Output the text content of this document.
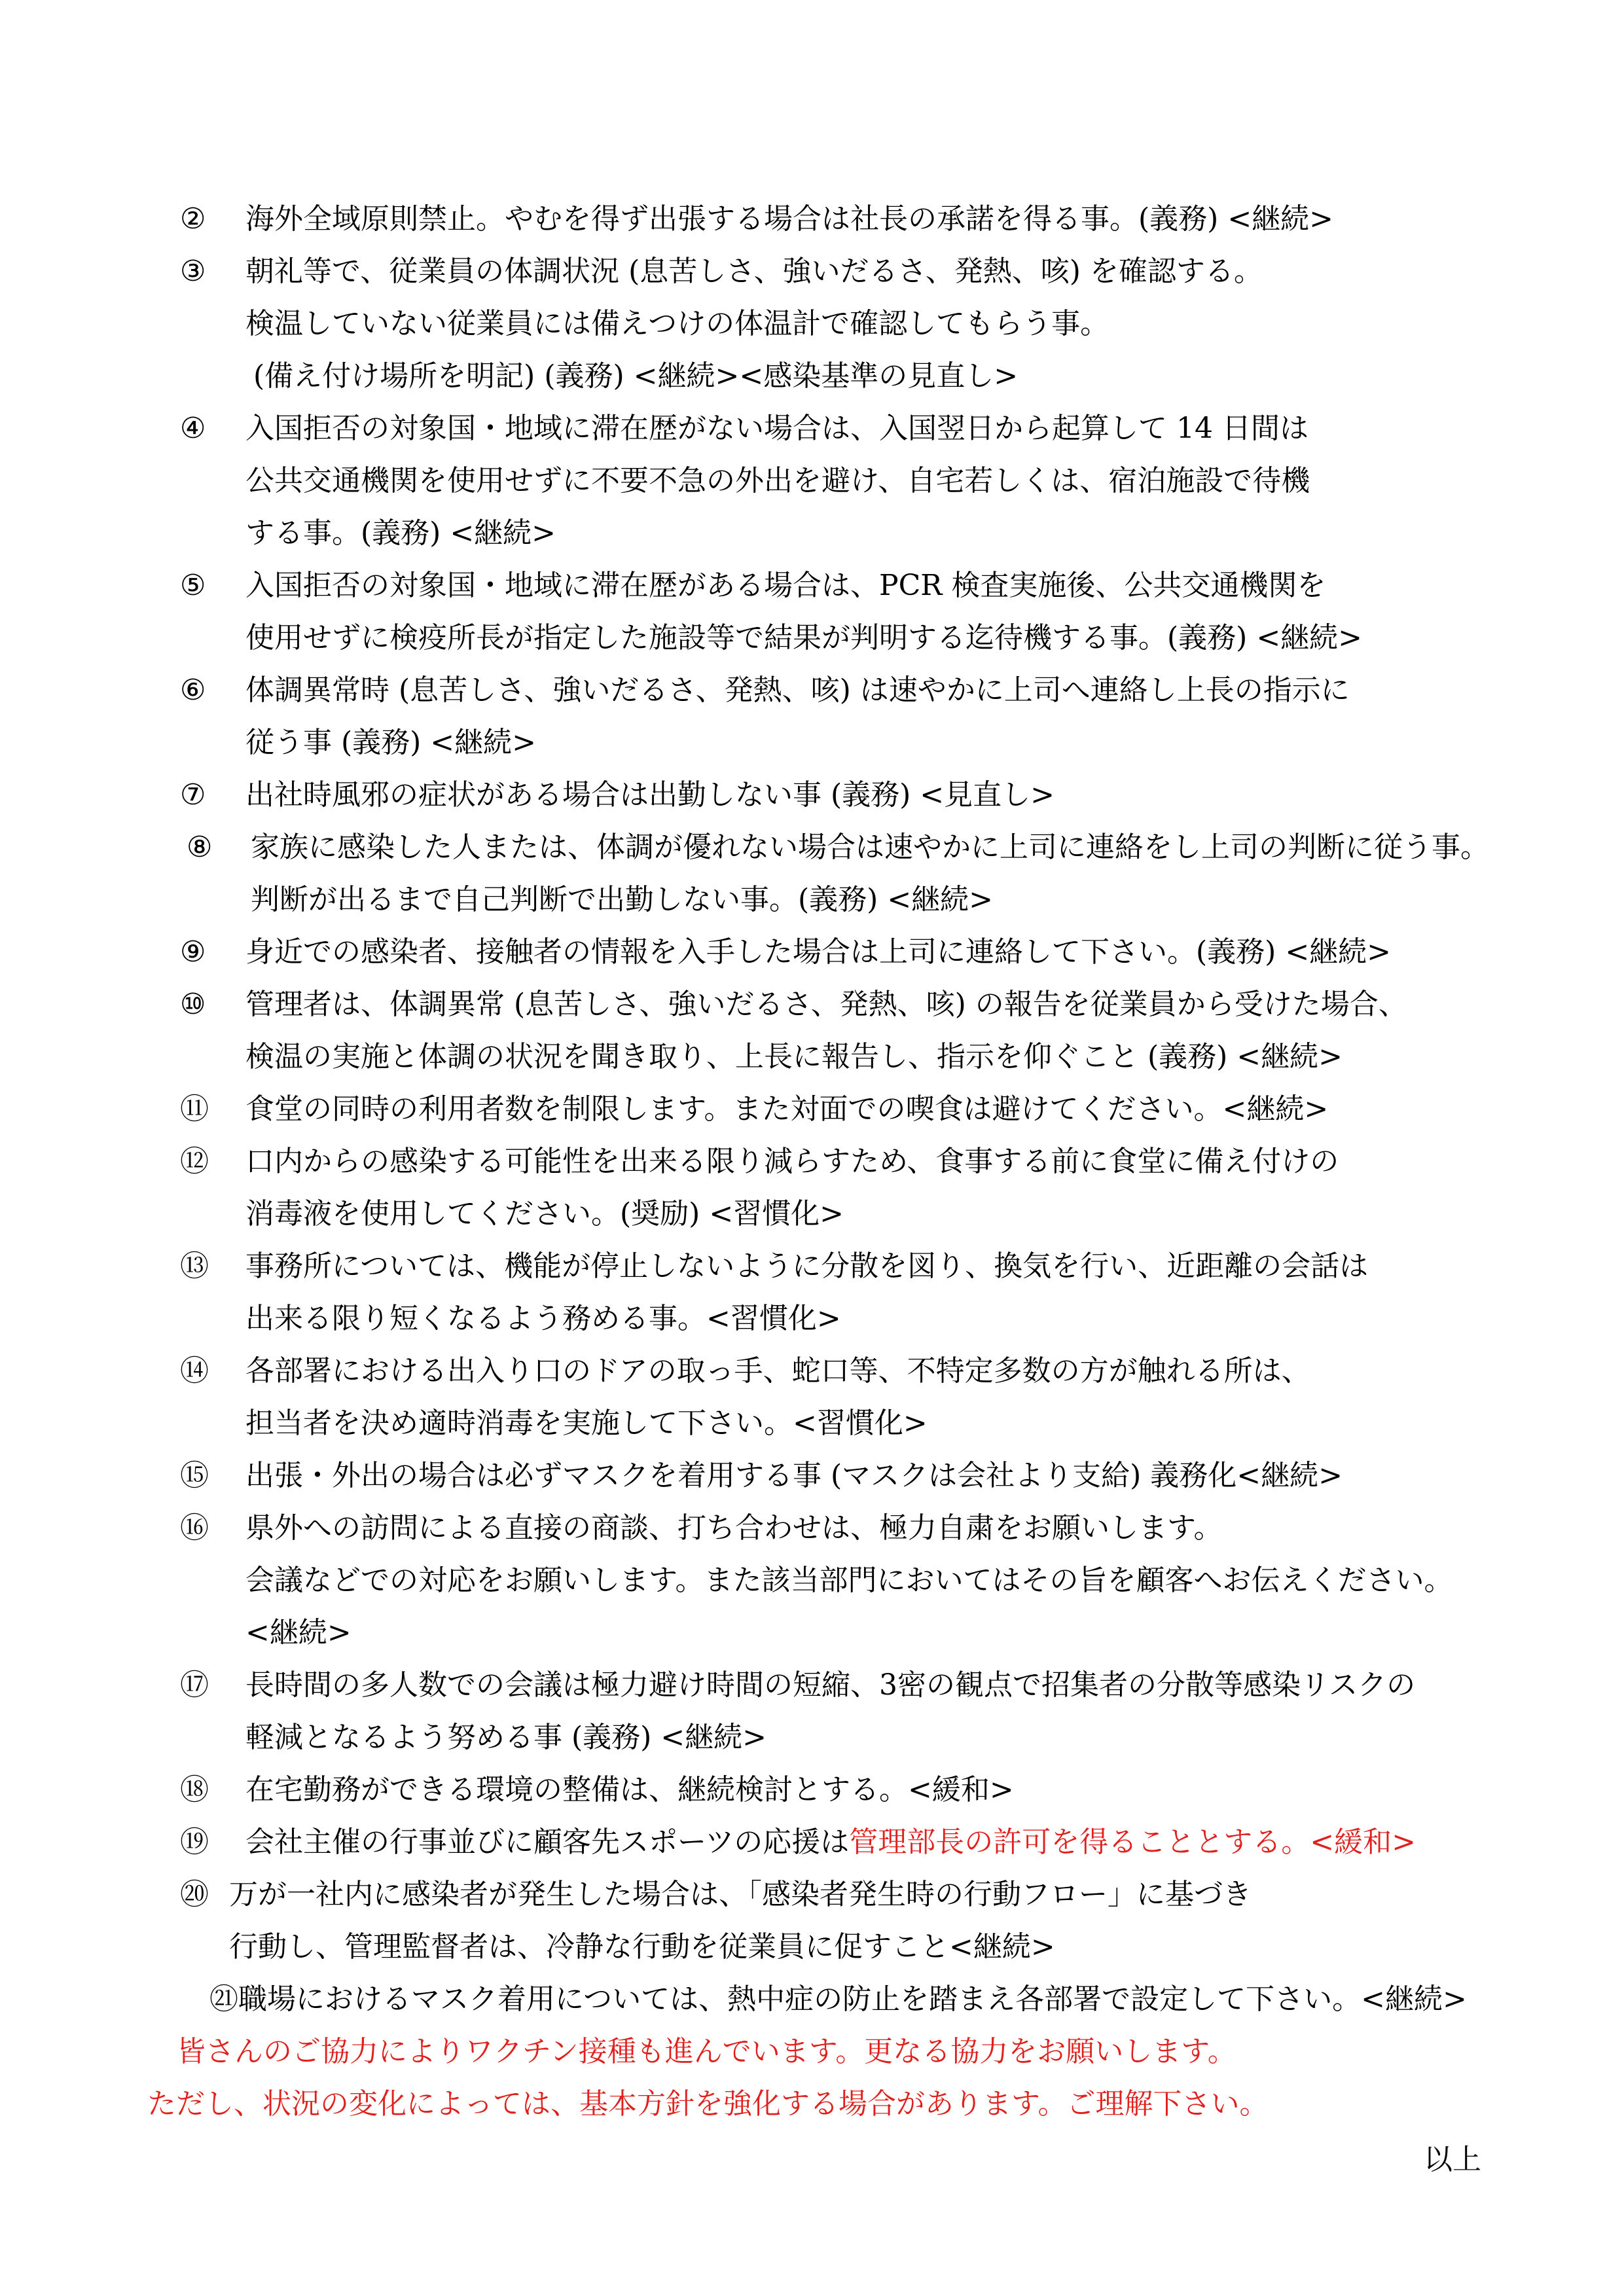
② 海外全域原則禁止。やむを得ず出張する場合は社長の承諾を得る事。(義務) <継続>
③ 朝礼等で、従業員の体調状況 (息苦しさ、強いだるさ、発熱、咳) を確認する。
検温していない従業員には備えつけの体温計で確認してもらう事。
(備え付け場所を明記) (義務) <継続><感染基準の見直し>
④ 入国拒否の対象国・地域に滞在歴がない場合は、入国翌日から起算して 14 日間は
公共交通機関を使用せずに不要不急の外出を避け、自宅若しくは、宿泊施設で待機
する事。(義務) <継続>
⑤ 入国拒否の対象国・地域に滞在歴がある場合は、PCR 検査実施後、公共交通機関を
使用せずに検疫所長が指定した施設等で結果が判明する迄待機する事。(義務) <継続>
⑥ 体調異常時 (息苦しさ、強いだるさ、発熱、咳) は速やかに上司へ連絡し上長の指示に
従う事 (義務) <継続>
⑦ 出社時風邪の症状がある場合は出勤しない事 (義務) <見直し>
⑧ 家族に感染した人または、体調が優れない場合は速やかに上司に連絡をし上司の判断に従う事。
判断が出るまで自己判断で出勤しない事。(義務) <継続>
⑨ 身近での感染者、接触者の情報を入手した場合は上司に連絡して下さい。(義務) <継続>
⑩ 管理者は、体調異常 (息苦しさ、強いだるさ、発熱、咳) の報告を従業員から受けた場合、
検温の実施と体調の状況を聞き取り、上長に報告し、指示を仰ぐこと (義務) <継続>
⑪ 食堂の同時の利用者数を制限します。また対面での喫食は避けてください。<継続>
⑫ 口内からの感染する可能性を出来る限り減らすため、食事する前に食堂に備え付けの
消毒液を使用してください。(奨励) <習慣化>
⑬ 事務所については、機能が停止しないように分散を図り、換気を行い、近距離の会話は
出来る限り短くなるよう務める事。<習慣化>
⑭ 各部署における出入り口のドアの取っ手、蛇口等、不特定多数の方が触れる所は、
担当者を決め適時消毒を実施して下さい。<習慣化>
⑮ 出張・外出の場合は必ずマスクを着用する事 (マスクは会社より支給) 義務化<継続>
⑯ 県外への訪問による直接の商談、打ち合わせは、極力自粛をお願いします。
会議などでの対応をお願いします。また該当部門においてはその旨を顧客へお伝えください。
<継続>
⑰ 長時間の多人数での会議は極力避け時間の短縮、3密の観点で招集者の分散等感染リスクの
軽減となるよう努める事 (義務) <継続>
⑱ 在宅勤務ができる環境の整備は、継続検討とする。<緩和>
⑲ 会社主催の行事並びに顧客先スポーツの応援は管理部長の許可を得ることとする。<緩和>
⑳ 万が一社内に感染者が発生した場合は、「感染者発生時の行動フロー」に基づき
行動し、管理監督者は、冷静な行動を従業員に促すこと<継続>
㉑ 職場におけるマスク着用については、熱中症の防止を踏まえ各部署で設定して下さい。<継続>
皆さんのご協力によりワクチン接種も進んでいます。更なる協力をお願いします。
ただし、状況の変化によっては、基本方針を強化する場合があります。ご理解下さい。
以上
